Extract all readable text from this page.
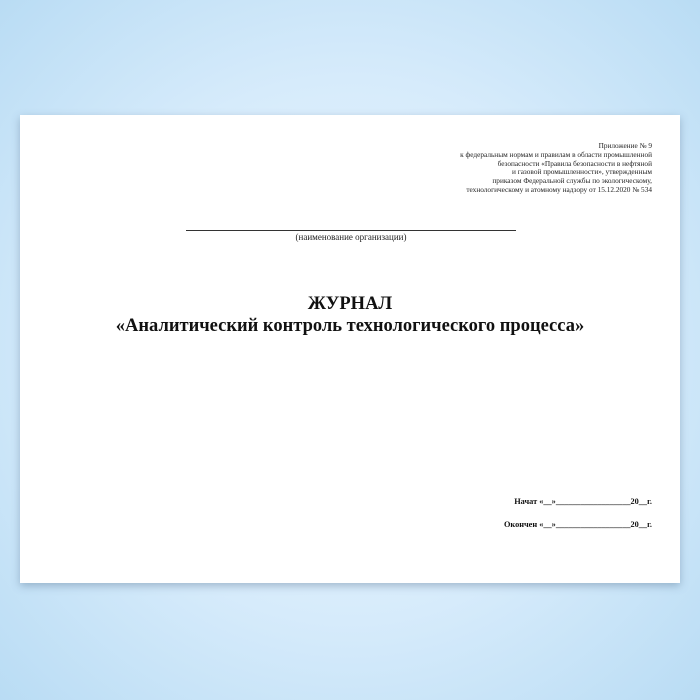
Приложение № 9
к федеральным нормам и правилам в области промышленной
безопасности «Правила безопасности в нефтяной
и газовой промышленности», утвержденным
приказом Федеральной службы по экологическому,
технологическому и атомному надзору от 15.12.2020 № 534
(наименование организации)
ЖУРНАЛ
«Аналитический контроль технологического процесса»
Начат «__»__________________20__г.
Окончен «__»__________________20__г.
